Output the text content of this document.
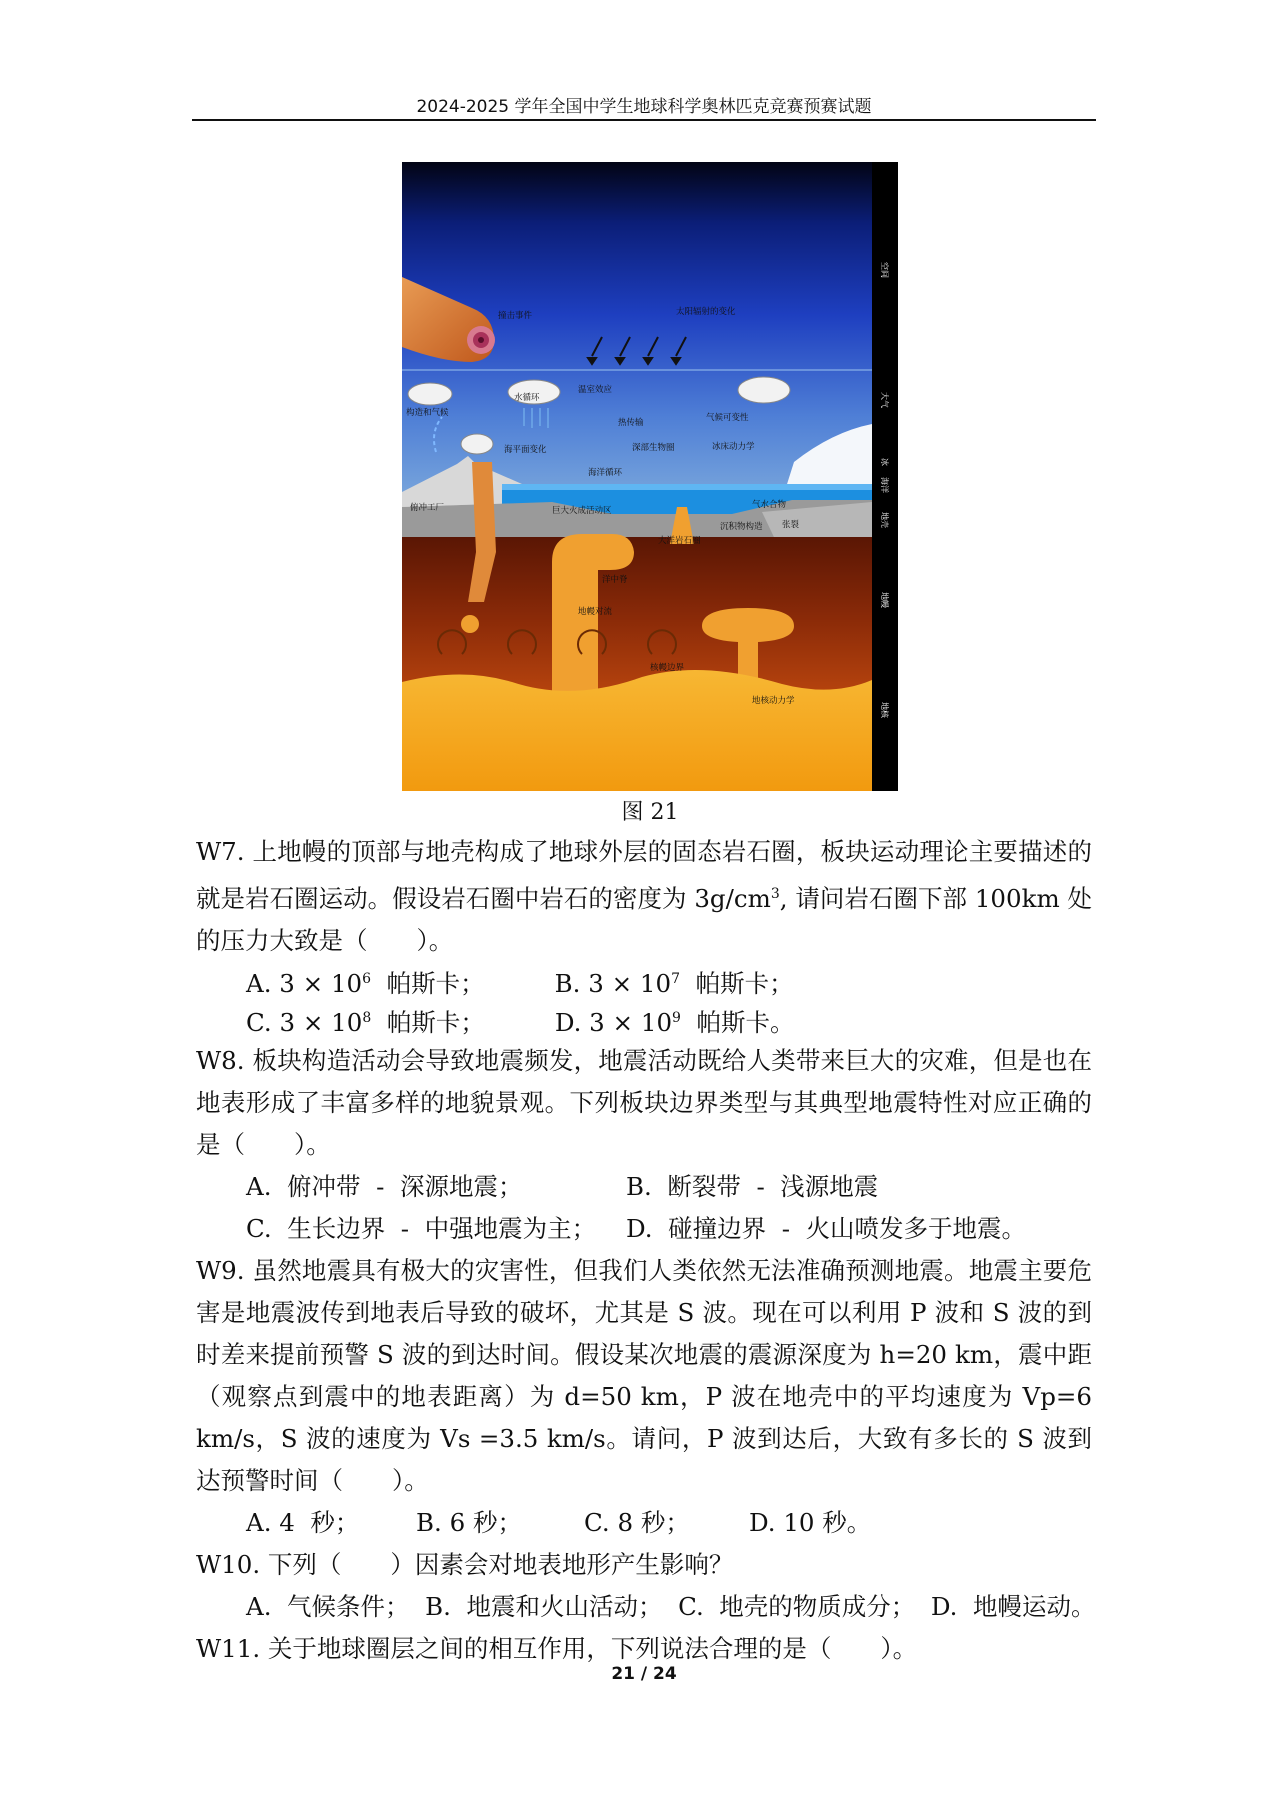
2024-2025 学年全国中学生地球科学奥林匹克竞赛预赛试题
撞击事件	太阳辐射的变化
温室效应
构造和气候
水循环
热传输	气候可变性
海平面变化	深部生物圈	冰床动力学
海洋循环
俯冲工厂	巨大火成活动区
气水合物
沉积物构造 张裂
大洋岩石圈
洋中脊
地幔对流
核幔边界
地核动力学
空间
大气
冰
海洋
地壳
地幔
地核
图 21

W7. 上地幔的顶部与地壳构成了地球外层的固态岩石圈，板块运动理论主要描述的就是岩石圈运动。假设岩石圈中岩石的密度为 $3g/cm^3$, 请问岩石圈下部 100km 处的压力大致是（　　）。

A. $3 \times 10^6$  帕斯卡；	B. $3 \times 10^7$  帕斯卡；

C. $3 \times 10^8$  帕斯卡；	D. $3 \times 10^9$  帕斯卡。

W8. 板块构造活动会导致地震频发，地震活动既给人类带来巨大的灾难，但是也在地表形成了丰富多样的地貌景观。下列板块边界类型与其典型地震特性对应正确的是（　　）。

A.  俯冲带  -  深源地震；	B.  断裂带  -  浅源地震

C.  生长边界  -  中强地震为主； D.  碰撞边界  -  火山喷发多于地震。

W9. 虽然地震具有极大的灾害性，但我们人类依然无法准确预测地震。地震主要危害是地震波传到地表后导致的破坏，尤其是 S 波。现在可以利用 P 波和 S 波的到时差来提前预警 S 波的到达时间。假设某次地震的震源深度为 h=20 km，震中距（观察点到震中的地表距离）为 d=50 km，P 波在地壳中的平均速度为 Vp=6 km/s，S 波的速度为 Vs =3.5 km/s。请问，P 波到达后，大致有多长的 S 波到达预警时间（　　）。

A. 4  秒； B. 6 秒；	C. 8 秒； D. 10 秒。

W10. 下列（　　）因素会对地表地形产生影响？

A.  气候条件；  B.  地震和火山活动；  C.  地壳的物质成分；  D.  地幔运动。

W11. 关于地球圈层之间的相互作用，下列说法合理的是（　　）。

21 / 24
